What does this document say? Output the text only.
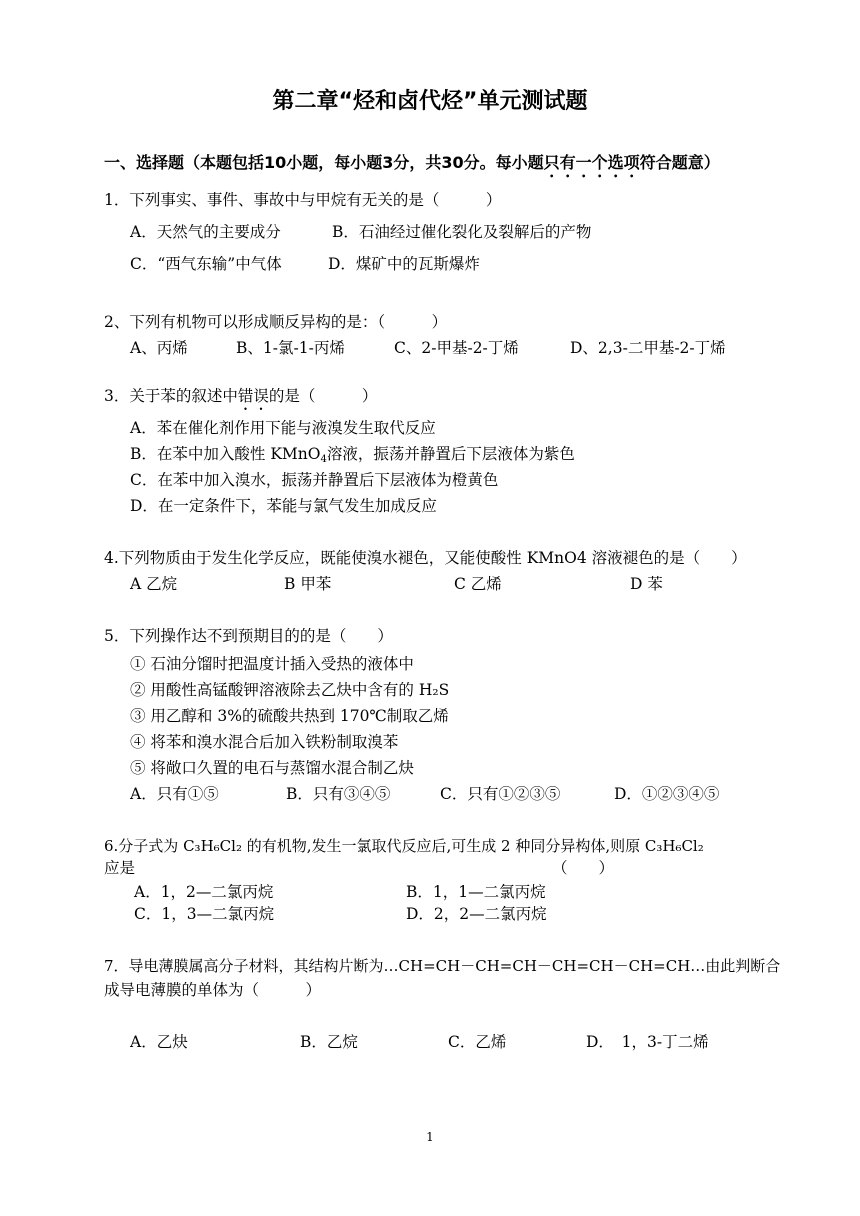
第二章“烃和卤代烃”单元测试题
一、选择题（本题包括10小题，每小题3分，共30分。每小题只有一个选项符合题意）
1．下列事实、事件、事故中与甲烷有无关的是（　　　）
A．天然气的主要成分	B．石油经过催化裂化及裂解后的产物
C．“西气东输”中气体	D．煤矿中的瓦斯爆炸
2、下列有机物可以形成顺反异构的是：（　　　）
A、丙烯	B、1-氯-1-丙烯	C、2-甲基-2-丁烯	D、2,3-二甲基-2-丁烯
3．关于苯的叙述中错误的是（　　　）
A．苯在催化剂作用下能与液溴发生取代反应
B．在苯中加入酸性 KMnO$_4$溶液，振荡并静置后下层液体为紫色
C．在苯中加入溴水，振荡并静置后下层液体为橙黄色
D．在一定条件下，苯能与氯气发生加成反应
4.下列物质由于发生化学反应，既能使溴水褪色，又能使酸性 KMnO4 溶液褪色的是（　　）
A 乙烷	B 甲苯	C 乙烯	D 苯
5．下列操作达不到预期目的的是（　　）
① 石油分馏时把温度计插入受热的液体中
② 用酸性高锰酸钾溶液除去乙炔中含有的 H₂S
③ 用乙醇和 3%的硫酸共热到 170℃制取乙烯
④ 将苯和溴水混合后加入铁粉制取溴苯
⑤ 将敞口久置的电石与蒸馏水混合制乙炔
A．只有①⑤	B．只有③④⑤	C．只有①②③⑤	D．①②③④⑤
6.分子式为 C₃H₆Cl₂ 的有机物,发生一氯取代反应后,可生成 2 种同分异构体,则原 C₃H₆Cl₂
应是	（　　）
A．1，2—二氯丙烷	B．1，1—二氯丙烷
C．1，3—二氯丙烷	D．2，2—二氯丙烷
7．导电薄膜属高分子材料，其结构片断为…CH=CH－CH=CH－CH=CH－CH=CH…由此判断合
成导电薄膜的单体为（　　　）
A．乙炔	B．乙烷	C．乙烯	D．　1，3-丁二烯
1
